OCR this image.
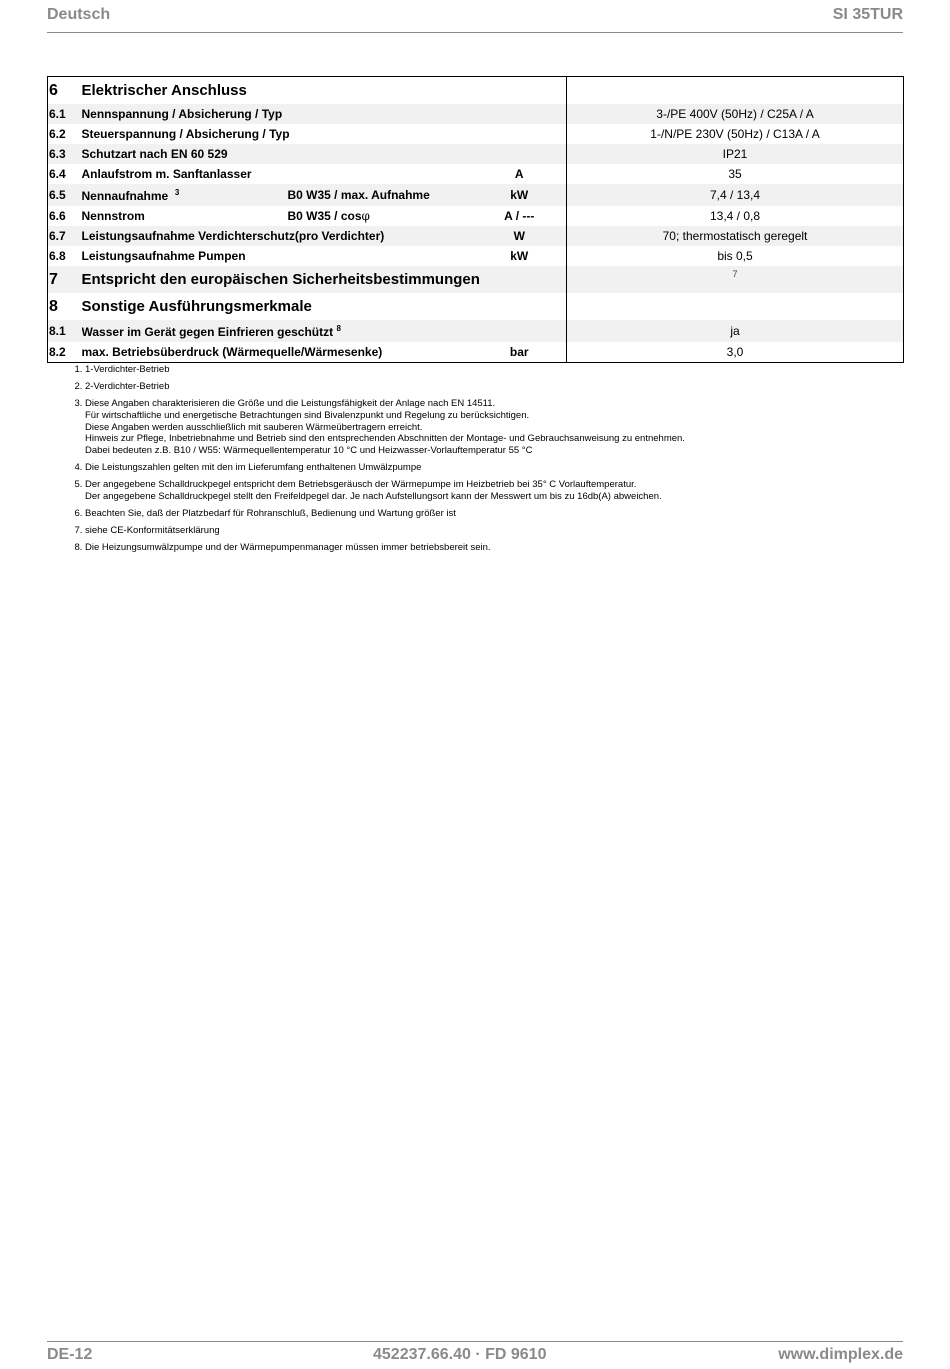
Deutsch	SI 35TUR
6	Elektrischer Anschluss			
6.1	Nennspannung / Absicherung / Typ			3-/PE 400V (50Hz) / C25A / A
6.2	Steuerspannung / Absicherung / Typ			1-/N/PE 230V (50Hz) / C13A / A
6.3	Schutzart nach EN 60 529			IP21
6.4	Anlaufstrom m. Sanftanlasser		A	35
6.5	Nennaufnahme $^3$	B0 W35 / max. Aufnahme	kW	7,4 / 13,4
6.6	Nennstrom	B0 W35 / cosφ	A / ---	13,4 / 0,8
6.7	Leistungsaufnahme Verdichterschutz(pro Verdichter)		W	70; thermostatisch geregelt
6.8	Leistungsaufnahme Pumpen		kW	bis 0,5
7	Entspricht den europäischen Sicherheitsbestimmungen			7
8	Sonstige Ausführungsmerkmale			
8.1	Wasser im Gerät gegen Einfrieren geschützt $^8$			ja
8.2	max. Betriebsüberdruck (Wärmequelle/Wärmesenke)		bar	3,0
1. 1-Verdichter-Betrieb
2. 2-Verdichter-Betrieb
3. Diese Angaben charakterisieren die Größe und die Leistungsfähigkeit der Anlage nach EN 14511.
Für wirtschaftliche und energetische Betrachtungen sind Bivalenzpunkt und Regelung zu berücksichtigen.
Diese Angaben werden ausschließlich mit sauberen Wärmeübertragern erreicht.
Hinweis zur Pflege, Inbetriebnahme und Betrieb sind den entsprechenden Abschnitten der Montage- und Gebrauchsanweisung zu entnehmen.
Dabei bedeuten z.B. B10 / W55: Wärmequellentemperatur 10 °C und Heizwasser-Vorlauftemperatur 55 °C
4. Die Leistungszahlen gelten mit den im Lieferumfang enthaltenen Umwälzpumpe
5. Der angegebene Schalldruckpegel entspricht dem Betriebsgeräusch der Wärmepumpe im Heizbetrieb bei 35° C Vorlauftemperatur.
Der angegebene Schalldruckpegel stellt den Freifeldpegel dar. Je nach Aufstellungsort kann der Messwert um bis zu 16db(A) abweichen.
6. Beachten Sie, daß der Platzbedarf für Rohranschluß, Bedienung und Wartung größer ist
7. siehe CE-Konformitätserklärung
8. Die Heizungsumwälzpumpe und der Wärmepumpenmanager müssen immer betriebsbereit sein.
DE-12	452237.66.40 · FD 9610	www.dimplex.de
